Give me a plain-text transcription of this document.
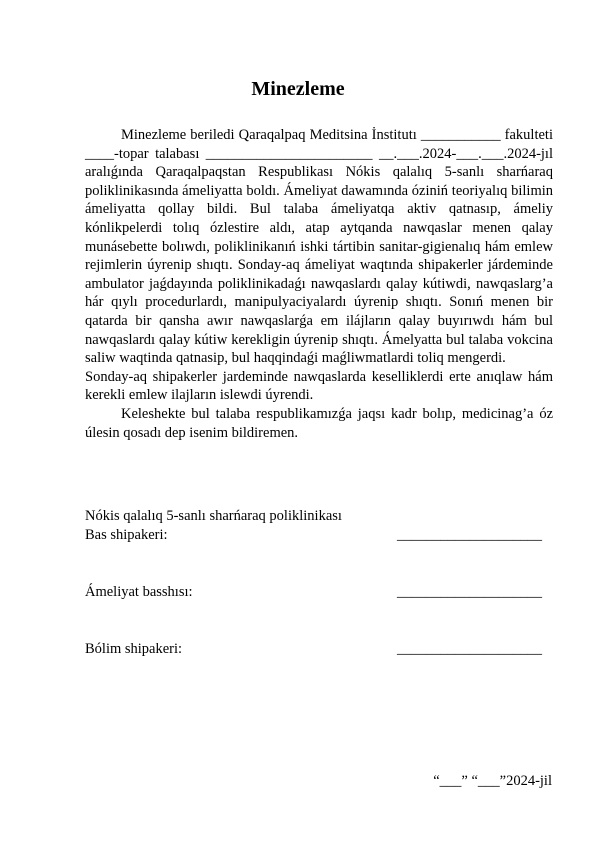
Minezleme

Minezleme beriledi Qaraqalpaq Meditsina İnstitutı ___________ fakulteti ____-topar talabası _______________________ __.___.2024-___.___.2024-jıl aralıǵında Qaraqalpaqstan Respublikası Nókis qalalıq 5-sanlı sharńaraq poliklinikasında ámeliyatta boldı. Ámeliyat dawamında óziniń teoriyalıq bilimin ámeliyatta qollay bildi. Bul talaba ámeliyatqa aktiv qatnasıp, ámeliy kónlikpelerdi tolıq ózlestire aldı, atap aytqanda nawqaslar menen qalay munásebette bolıwdı, poliklinikanıń ishki tártibin sanitar-gigienalıq hám emlew rejimlerin úyrenip shıqtı. Sonday-aq ámeliyat waqtında shipakerler járdeminde ambulator jaǵdayında poliklinikadaǵı nawqaslardı qalay kútiwdi, nawqaslarg’a hár qıylı procedurlardı, manipulyaciyalardı úyrenip shıqtı. Sonıń menen bir qatarda bir qansha awır nawqaslarǵa em ilájların qalay buyırıwdı hám bul nawqaslardı qalay kútiw kerekligin úyrenip shıqtı. Ámelyatta bul talaba vokcina saliw waqtinda qatnasip, bul haqqindaǵi maǵliwmatlardi toliq mengerdi.

Sonday-aq shipakerler jardeminde nawqaslarda keselliklerdi erte anıqlaw hám kerekli emlew ilajların islewdi úyrendi.

Keleshekte bul talaba respublikamızǵa jaqsı kadr bolıp, medicinag’a óz úlesin qosadı dep isenim bildiremen.

Nókis qalalıq 5-sanlı sharńaraq poliklinikası
Bas shipakeri:	____________________
Ámeliyat basshısı:	____________________
Bólim shipakeri:	____________________
“___” “___”2024-jil
